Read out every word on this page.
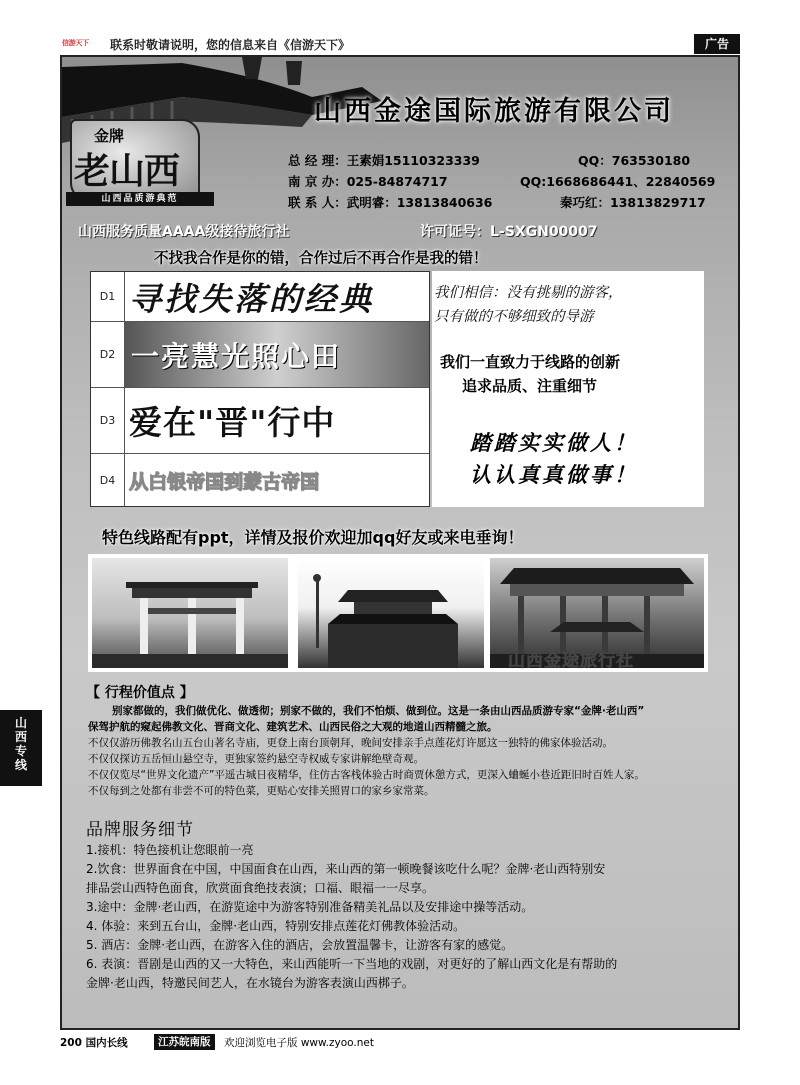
信游天下 联系时敬请说明，您的信息来自《信游天下》	广告
山西金途国际旅游有限公司
金牌
老山西
山西品质游典范
总 经 理：王素娟15110323339	QQ：763530180
南 京 办：025-84874717	QQ:1668686441、22840569
联 系 人：武明睿：13813840636	秦巧红：13813829717
山西服务质量AAAA级接待旅行社	许可证号：L-SXGN00007
不找我合作是你的错，合作过后不再合作是我的错！
D1 寻找失落的经典
D2 一亮慧光照心田
D3 爱在"晋"行中
D4 从白银帝国到蒙古帝国
我们相信：没有挑剔的游客，
只有做的不够细致的导游
我们一直致力于线路的创新
追求品质、注重细节
踏踏实实做人！
认认真真做事！
特色线路配有ppt，详情及报价欢迎加qq好友或来电垂询！
山西金途旅行社
【 行程价值点 】
别家都做的，我们做优化、做透彻；别家不做的，我们不怕烦、做到位。这是一条由山西品质游专家“金牌·老山西”
保驾护航的窥起佛教文化、晋商文化、建筑艺术、山西民俗之大观的地道山西精髓之旅。
不仅仅游历佛教名山五台山著名寺庙，更登上南台顶朝拜，晚间安排亲手点莲花灯许愿这一独特的佛家体验活动。
不仅仅探访五岳恒山悬空寺，更独家签约悬空寺权威专家讲解绝壁奇观。
不仅仅览尽“世界文化遗产”平遥古城日夜精华，住仿古客栈体验古时商贾休憩方式，更深入蛐蜒小巷近距旧时百姓人家。
不仅每到之处都有非尝不可的特色菜，更贴心安排关照胃口的家乡家常菜。
品牌服务细节
1.接机：特色接机让您眼前一亮
2.饮食：世界面食在中国，中国面食在山西，来山西的第一顿晚餐该吃什么呢？金牌·老山西特别安
排品尝山西特色面食，欣赏面食绝技表演；口福、眼福一一尽享。
3.途中：金牌·老山西，在游览途中为游客特别准备精美礼品以及安排途中操等活动。
4. 体验：来到五台山，金牌·老山西，特别安排点莲花灯佛教体验活动。
5. 酒店：金牌·老山西，在游客入住的酒店，会放置温馨卡，让游客有家的感觉。
6. 表演：晋剧是山西的又一大特色，来山西能听一下当地的戏剧，对更好的了解山西文化是有帮助的
金牌·老山西，特邀民间艺人，在水镜台为游客表演山西梆子。
山
西
专
线
200 国内长线	江苏皖南版	欢迎浏览电子版 www.zyoo.net
